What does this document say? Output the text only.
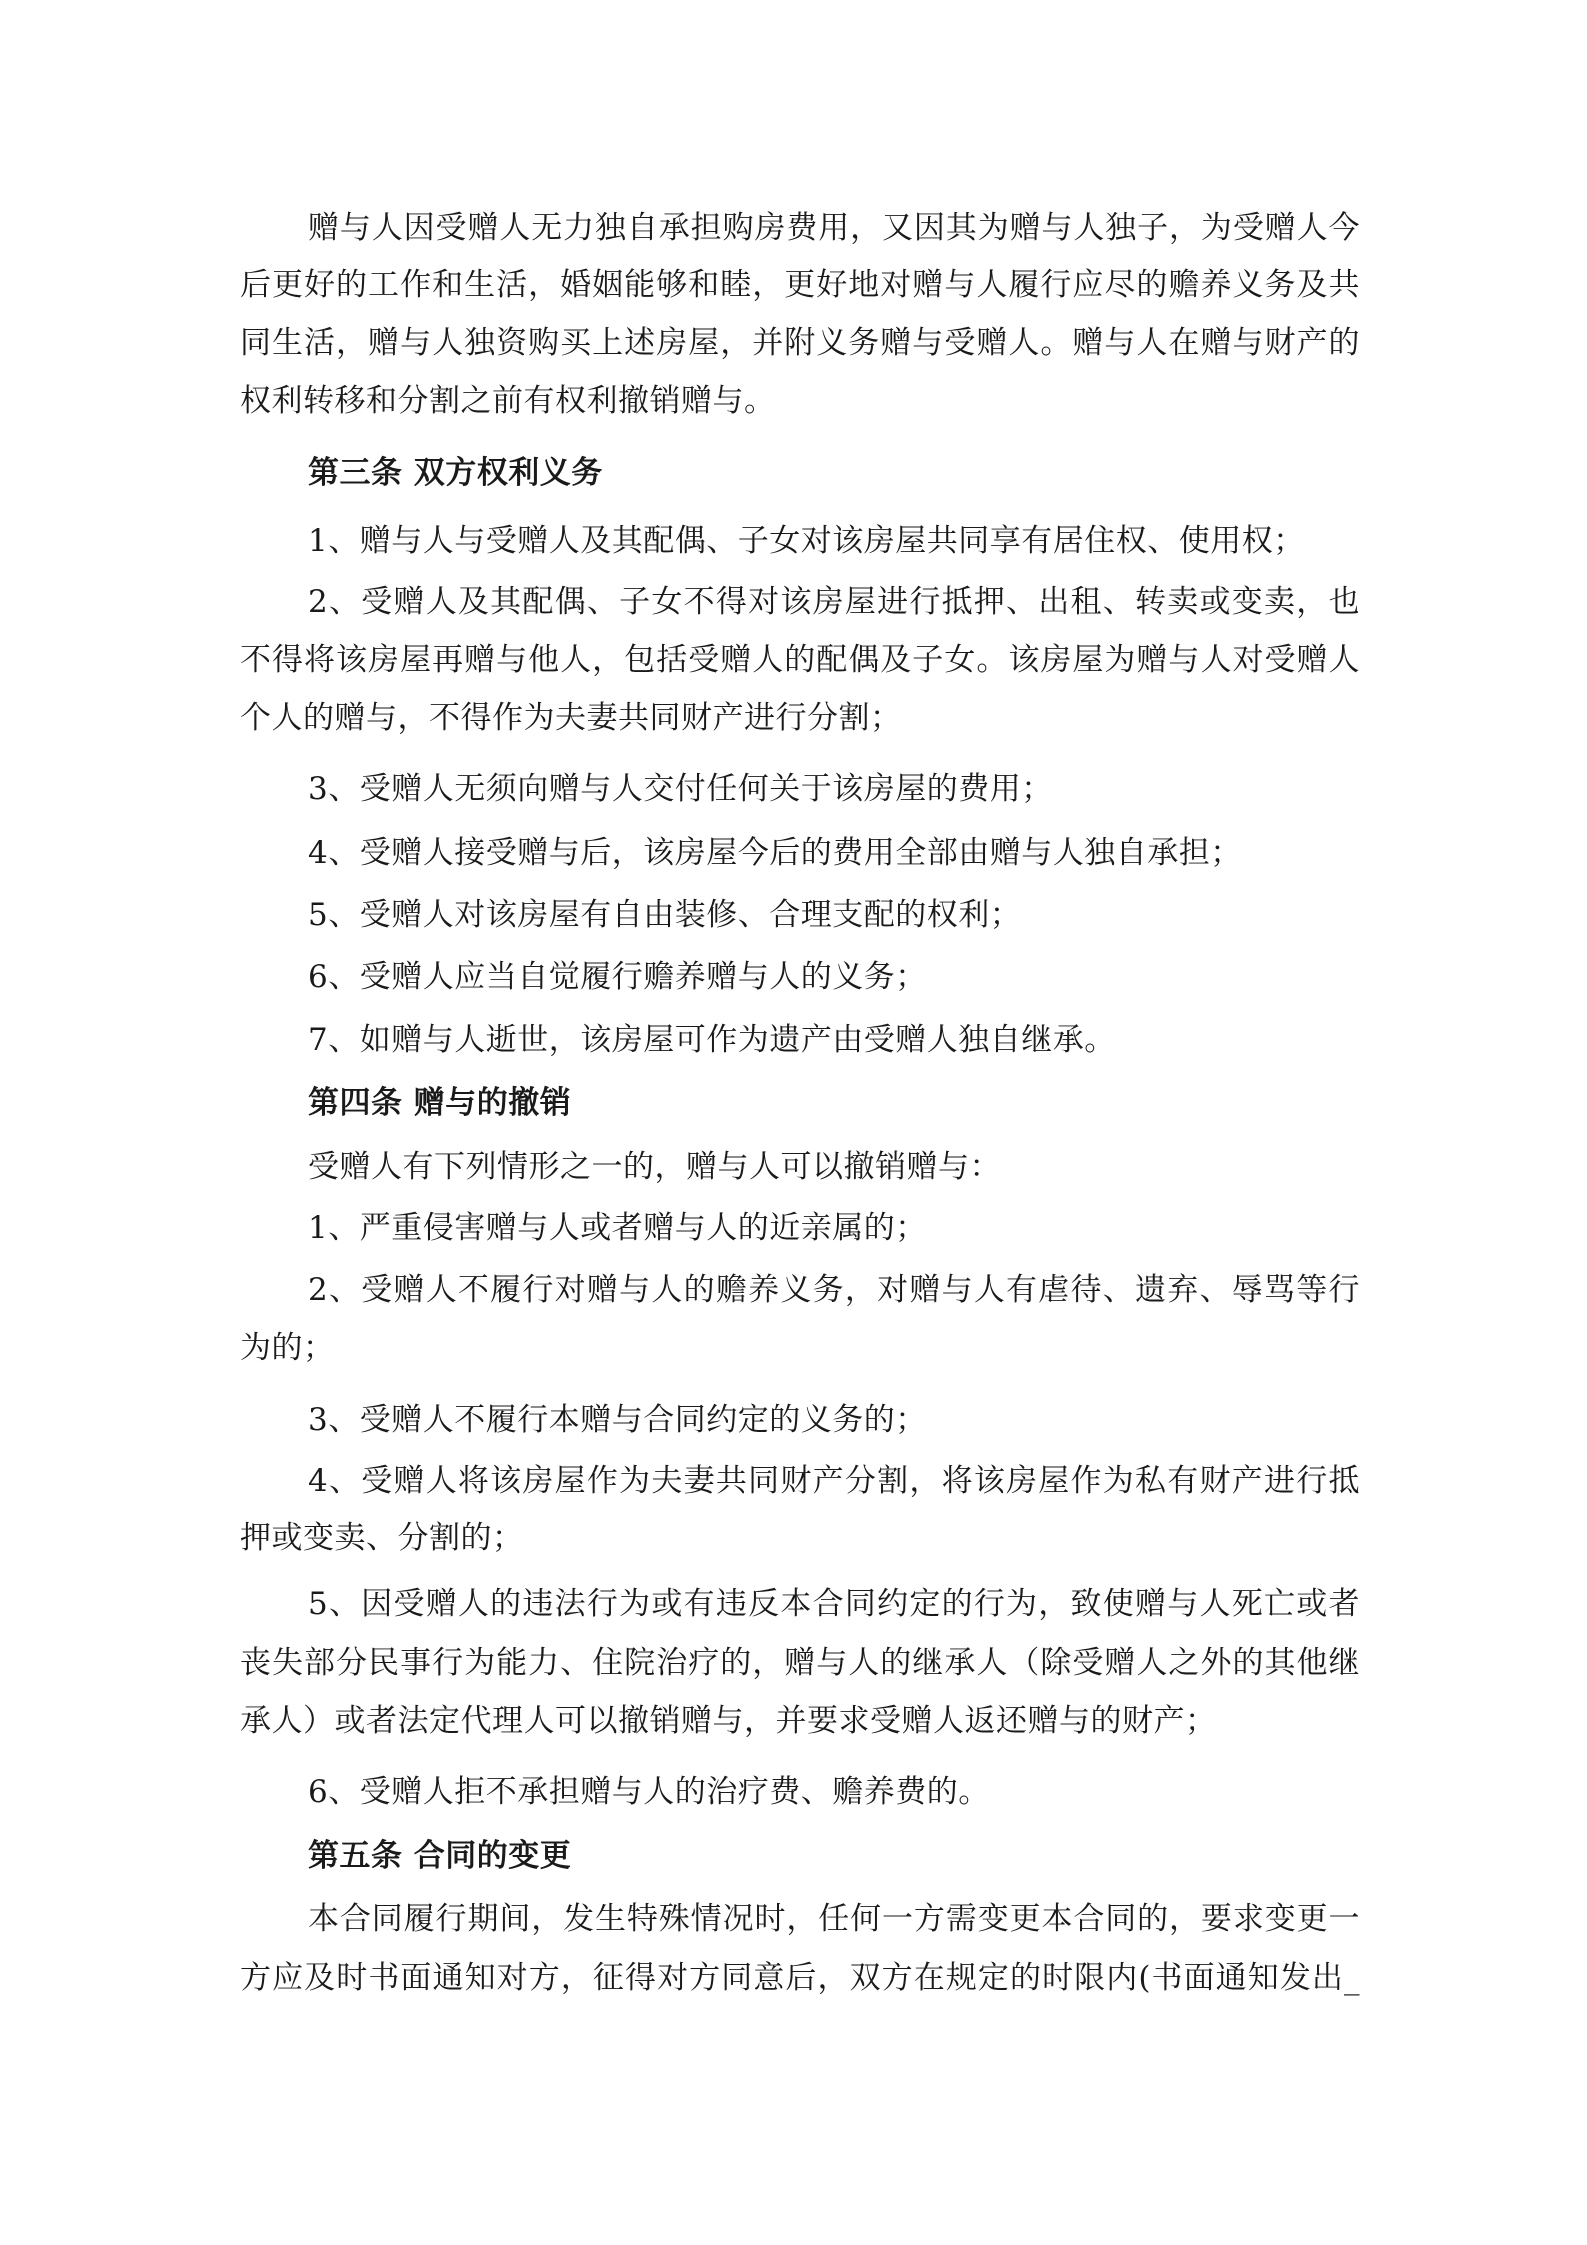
赠与人因受赠人无力独自承担购房费用，又因其为赠与人独子，为受赠人今
后更好的工作和生活，婚姻能够和睦，更好地对赠与人履行应尽的赡养义务及共
同生活，赠与人独资购买上述房屋，并附义务赠与受赠人。赠与人在赠与财产的
权利转移和分割之前有权利撤销赠与。
第三条 双方权利义务
1、赠与人与受赠人及其配偶、子女对该房屋共同享有居住权、使用权；
2、受赠人及其配偶、子女不得对该房屋进行抵押、出租、转卖或变卖，也
不得将该房屋再赠与他人，包括受赠人的配偶及子女。该房屋为赠与人对受赠人
个人的赠与，不得作为夫妻共同财产进行分割；
3、受赠人无须向赠与人交付任何关于该房屋的费用；
4、受赠人接受赠与后，该房屋今后的费用全部由赠与人独自承担；
5、受赠人对该房屋有自由装修、合理支配的权利；
6、受赠人应当自觉履行赡养赠与人的义务；
7、如赠与人逝世，该房屋可作为遗产由受赠人独自继承。
第四条 赠与的撤销
受赠人有下列情形之一的，赠与人可以撤销赠与：
1、严重侵害赠与人或者赠与人的近亲属的；
2、受赠人不履行对赠与人的赡养义务，对赠与人有虐待、遗弃、辱骂等行
为的；
3、受赠人不履行本赠与合同约定的义务的；
4、受赠人将该房屋作为夫妻共同财产分割，将该房屋作为私有财产进行抵
押或变卖、分割的；
5、因受赠人的违法行为或有违反本合同约定的行为，致使赠与人死亡或者
丧失部分民事行为能力、住院治疗的，赠与人的继承人（除受赠人之外的其他继
承人）或者法定代理人可以撤销赠与，并要求受赠人返还赠与的财产；
6、受赠人拒不承担赠与人的治疗费、赡养费的。
第五条 合同的变更
本合同履行期间，发生特殊情况时，任何一方需变更本合同的，要求变更一
方应及时书面通知对方，征得对方同意后，双方在规定的时限内(书面通知发出_
